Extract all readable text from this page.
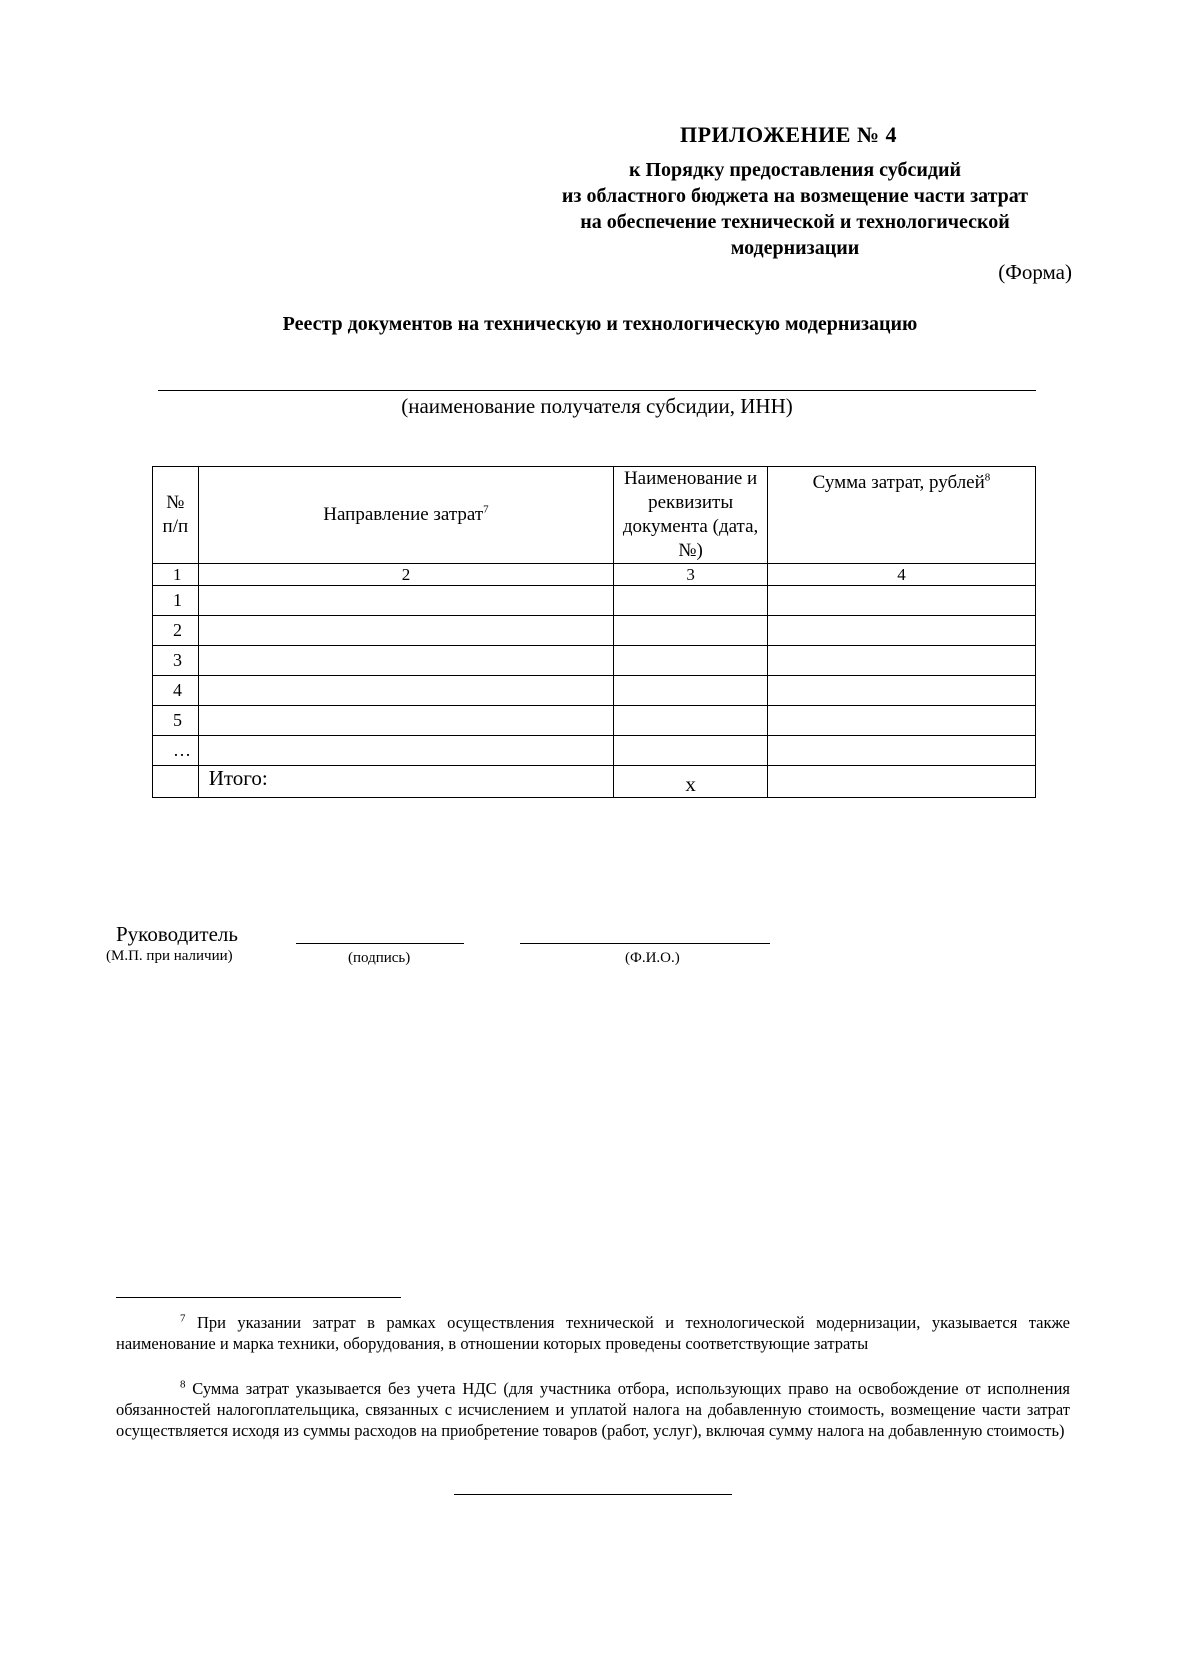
ПРИЛОЖЕНИЕ № 4
к Порядку предоставления субсидий
из областного бюджета на возмещение части затрат
на обеспечение технической и технологической
модернизации
(Форма)
Реестр документов на техническую и технологическую модернизацию
(наименование получателя субсидии, ИНН)
№ п/п	Направление затрат$^7$	Наименование и реквизиты документа (дата, №)	Сумма затрат, рублей$^8$
1	2	3	4
1			
2			
3			
4			
5			
…			
	Итого:	х	
Руководитель
(М.П. при наличии)	(подпись)	(Ф.И.О.)
$^7$ При указании затрат в рамках осуществления технической и технологической модернизации, указывается также наименование и марка техники, оборудования, в отношении которых проведены соответствующие затраты
$^8$ Сумма затрат указывается без учета НДС (для участника отбора, использующих право на освобождение от исполнения обязанностей налогоплательщика, связанных с исчислением и уплатой налога на добавленную стоимость, возмещение части затрат осуществляется исходя из суммы расходов на приобретение товаров (работ, услуг), включая сумму налога на добавленную стоимость)
